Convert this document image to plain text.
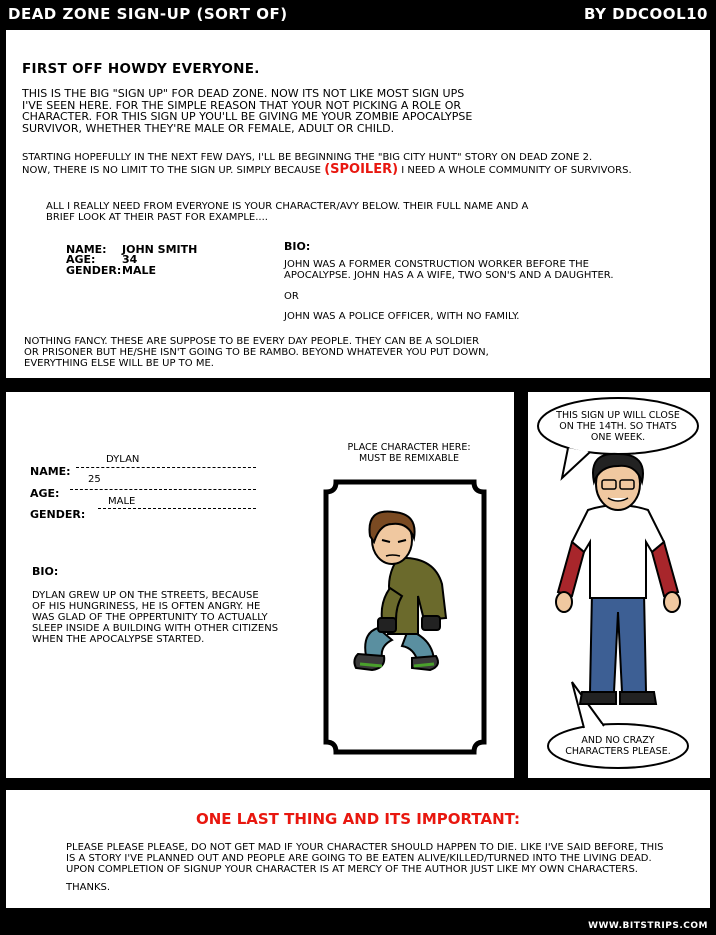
DEAD ZONE SIGN-UP (SORT OF)	BY DDCOOL10
FIRST OFF HOWDY EVERYONE.
THIS IS THE BIG "SIGN UP" FOR DEAD ZONE. NOW ITS NOT LIKE MOST SIGN UPS
I'VE SEEN HERE. FOR THE SIMPLE REASON THAT YOUR NOT PICKING A ROLE OR
CHARACTER. FOR THIS SIGN UP YOU'LL BE GIVING ME YOUR ZOMBIE APOCALYPSE
SURVIVOR, WHETHER THEY'RE MALE OR FEMALE, ADULT OR CHILD.
STARTING HOPEFULLY IN THE NEXT FEW DAYS, I'LL BE BEGINNING THE "BIG CITY HUNT" STORY ON DEAD ZONE 2.
NOW, THERE IS NO LIMIT TO THE SIGN UP. SIMPLY BECAUSE (SPOILER) I NEED A WHOLE COMMUNITY OF SURVIVORS.
ALL I REALLY NEED FROM EVERYONE IS YOUR CHARACTER/AVY BELOW. THEIR FULL NAME AND A
BRIEF LOOK AT THEIR PAST FOR EXAMPLE....
NAME: JOHN SMITH
AGE: 34
GENDER: MALE
BIO:
JOHN WAS A FORMER CONSTRUCTION WORKER BEFORE THE
APOCALYPSE. JOHN HAS A A WIFE, TWO SON'S AND A DAUGHTER.
OR
JOHN WAS A POLICE OFFICER, WITH NO FAMILY.
NOTHING FANCY. THESE ARE SUPPOSE TO BE EVERY DAY PEOPLE. THEY CAN BE A SOLDIER
OR PRISONER BUT HE/SHE ISN'T GOING TO BE RAMBO. BEYOND WHATEVER YOU PUT DOWN,
EVERYTHING ELSE WILL BE UP TO ME.
NAME:
DYLAN
AGE:
25
GENDER:
MALE
BIO:
DYLAN GREW UP ON THE STREETS, BECAUSE
OF HIS HUNGRINESS, HE IS OFTEN ANGRY. HE
WAS GLAD OF THE OPPERTUNITY TO ACTUALLY
SLEEP INSIDE A BUILDING WITH OTHER CITIZENS
WHEN THE APOCALYPSE STARTED.
PLACE CHARACTER HERE:
MUST BE REMIXABLE
THIS SIGN UP WILL CLOSE
ON THE 14TH. SO THATS
ONE WEEK.
AND NO CRAZY
CHARACTERS PLEASE.
ONE LAST THING AND ITS IMPORTANT:
PLEASE PLEASE PLEASE, DO NOT GET MAD IF YOUR CHARACTER SHOULD HAPPEN TO DIE. LIKE I'VE SAID BEFORE, THIS
IS A STORY I'VE PLANNED OUT AND PEOPLE ARE GOING TO BE EATEN ALIVE/KILLED/TURNED INTO THE LIVING DEAD.
UPON COMPLETION OF SIGNUP YOUR CHARACTER IS AT MERCY OF THE AUTHOR JUST LIKE MY OWN CHARACTERS.
THANKS.
WWW.BITSTRIPS.COM
